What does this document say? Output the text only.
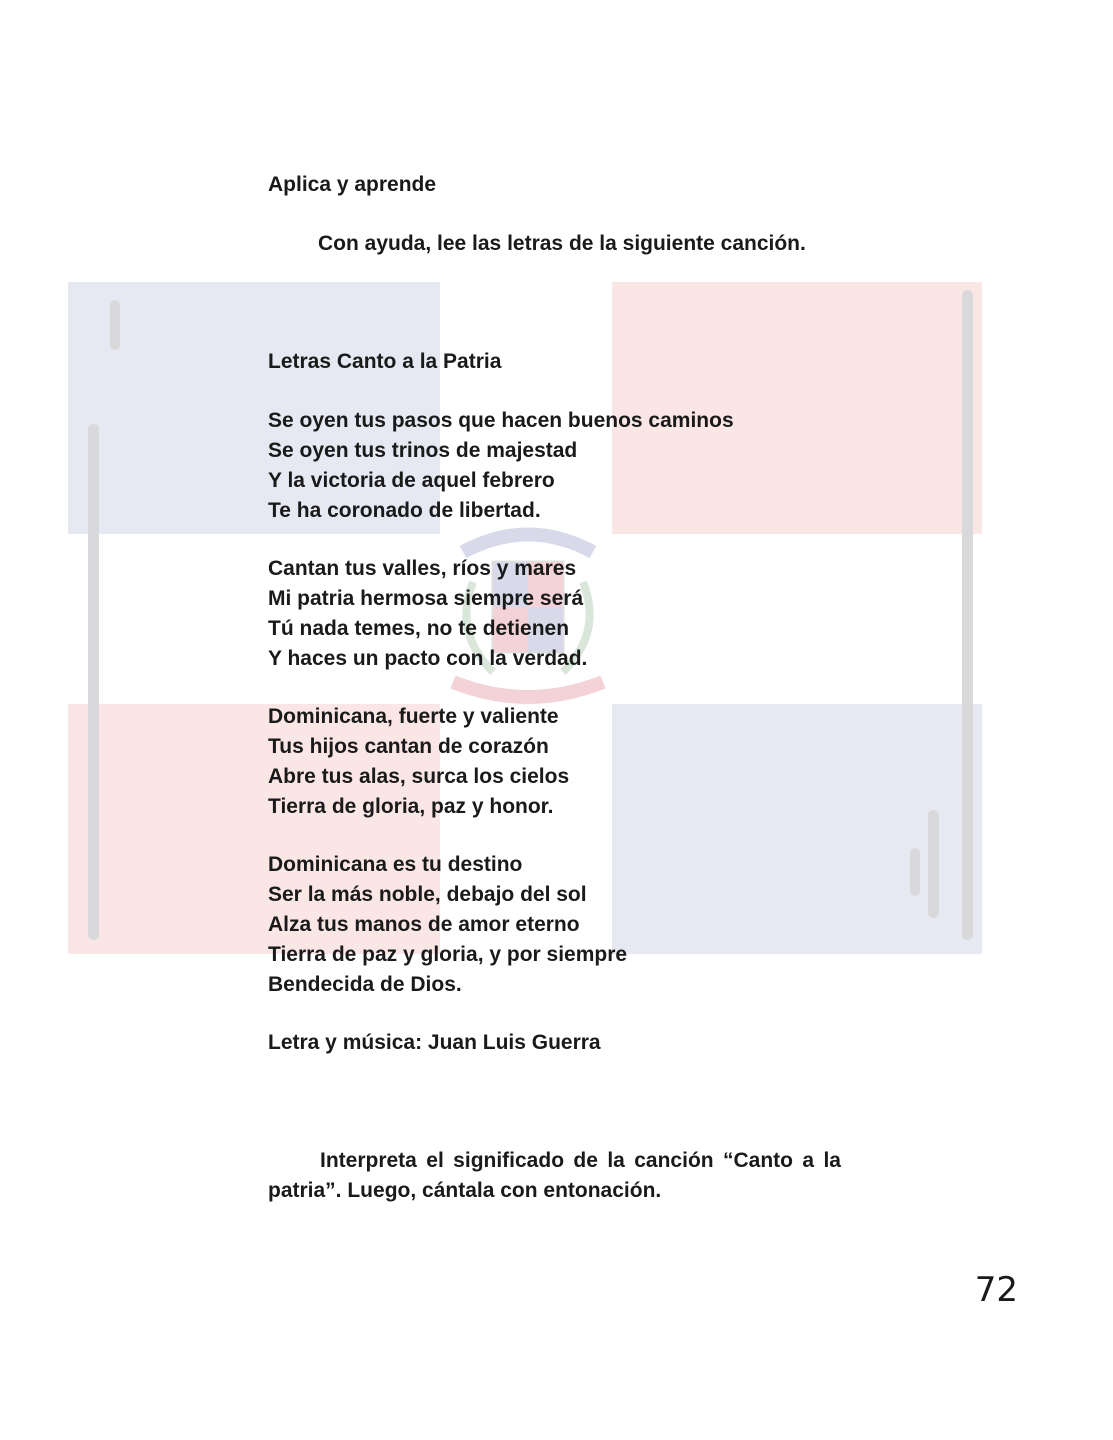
Aplica y aprende
Con ayuda, lee las letras de la siguiente canción.
Letras Canto a la Patria
Se oyen tus pasos que hacen buenos caminos
Se oyen tus trinos de majestad
Y la victoria de aquel febrero
Te ha coronado de libertad.
Cantan tus valles, ríos y mares
Mi patria hermosa siempre será
Tú nada temes, no te detienen
Y haces un pacto con la verdad.
Dominicana, fuerte y valiente
Tus hijos cantan de corazón
Abre tus alas, surca los cielos
Tierra de gloria, paz y honor.
Dominicana es tu destino
Ser la más noble, debajo del sol
Alza tus manos de amor eterno
Tierra de paz y gloria, y por siempre
Bendecida de Dios.
Letra y música: Juan Luis Guerra
Interpreta el significado de la canción “Canto a la patria”. Luego, cántala con entonación.
72
